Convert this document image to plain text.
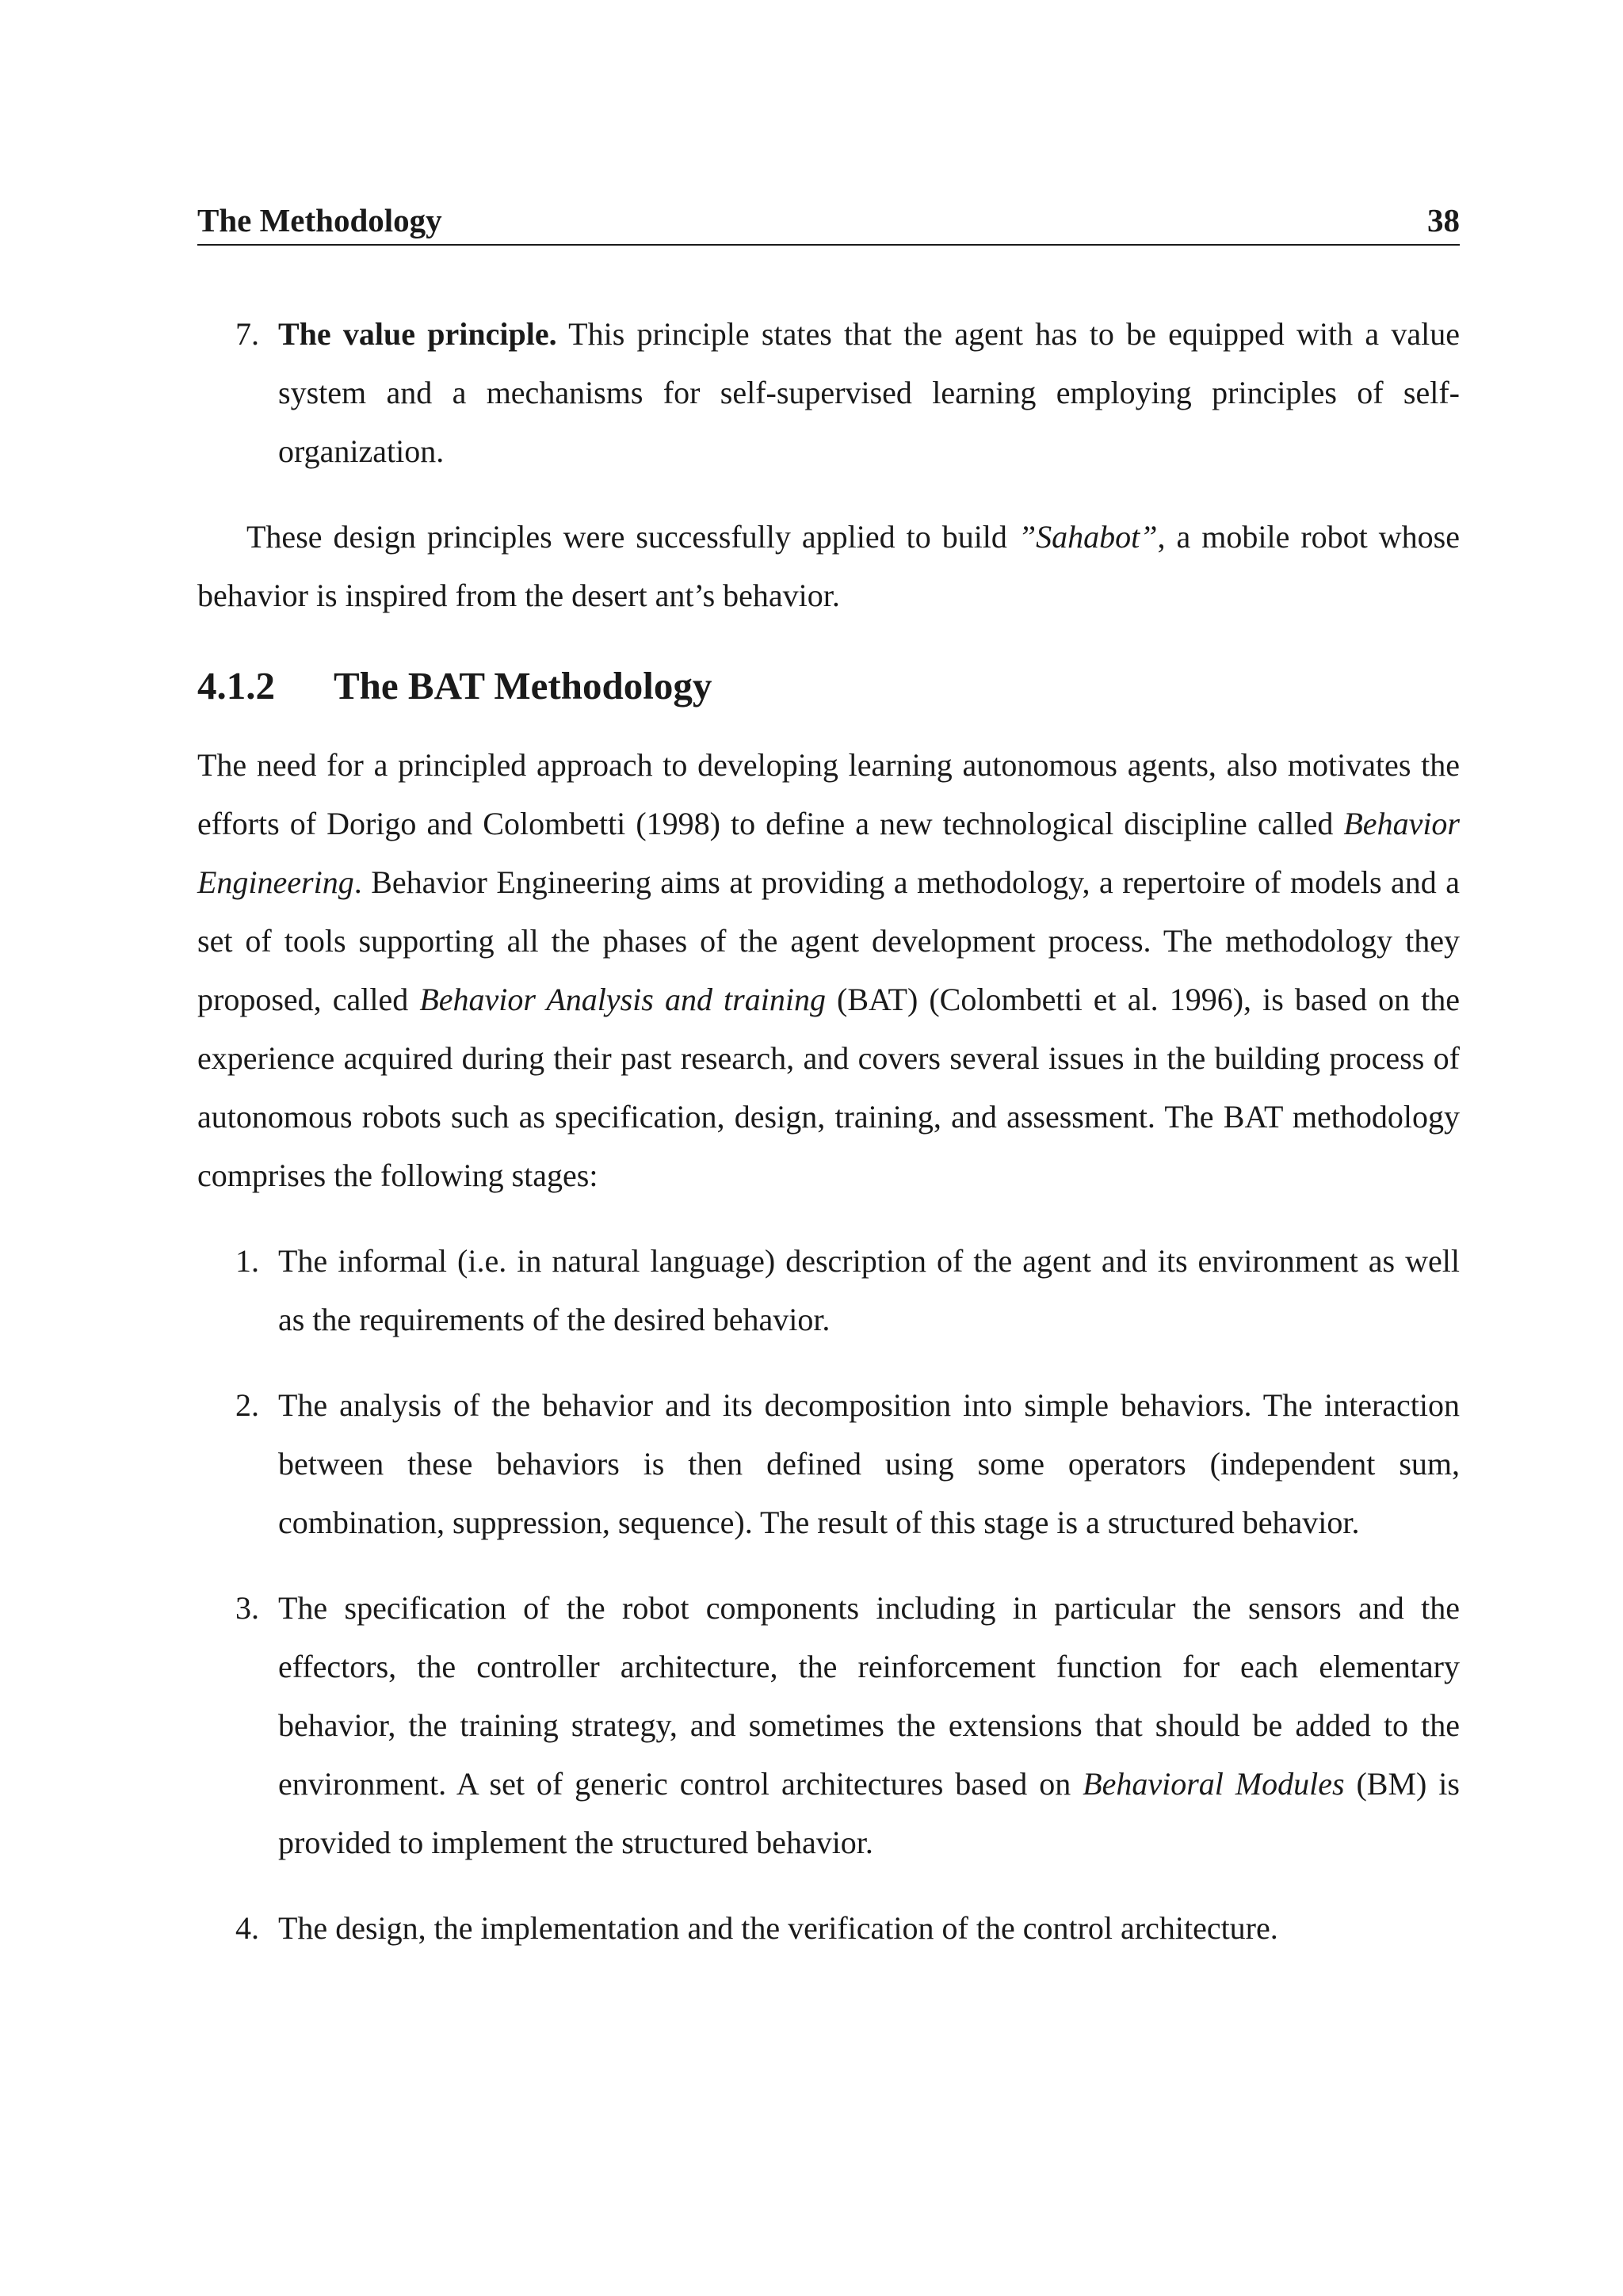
The Methodology	38
7. The value principle. This principle states that the agent has to be equipped with a value system and a mechanisms for self-supervised learning employing principles of self-organization.

These design principles were successfully applied to build ”Sahabot”, a mobile robot whose behavior is inspired from the desert ant’s behavior.

4.1.2 The BAT Methodology

The need for a principled approach to developing learning autonomous agents, also motivates the efforts of Dorigo and Colombetti (1998) to define a new technological discipline called Behavior Engineering. Behavior Engineering aims at providing a methodology, a repertoire of models and a set of tools supporting all the phases of the agent development process. The methodology they proposed, called Behavior Analysis and training (BAT) (Colombetti et al. 1996), is based on the experience acquired during their past research, and covers several issues in the building process of autonomous robots such as specification, design, training, and assessment. The BAT methodology comprises the following stages:

1. The informal (i.e. in natural language) description of the agent and its environment as well as the requirements of the desired behavior.
2. The analysis of the behavior and its decomposition into simple behaviors. The interaction between these behaviors is then defined using some operators (independent sum, combination, suppression, sequence). The result of this stage is a structured behavior.
3. The specification of the robot components including in particular the sensors and the effectors, the controller architecture, the reinforcement function for each elementary behavior, the training strategy, and sometimes the extensions that should be added to the environment. A set of generic control architectures based on Behavioral Modules (BM) is provided to implement the structured behavior.
4. The design, the implementation and the verification of the control architecture.
